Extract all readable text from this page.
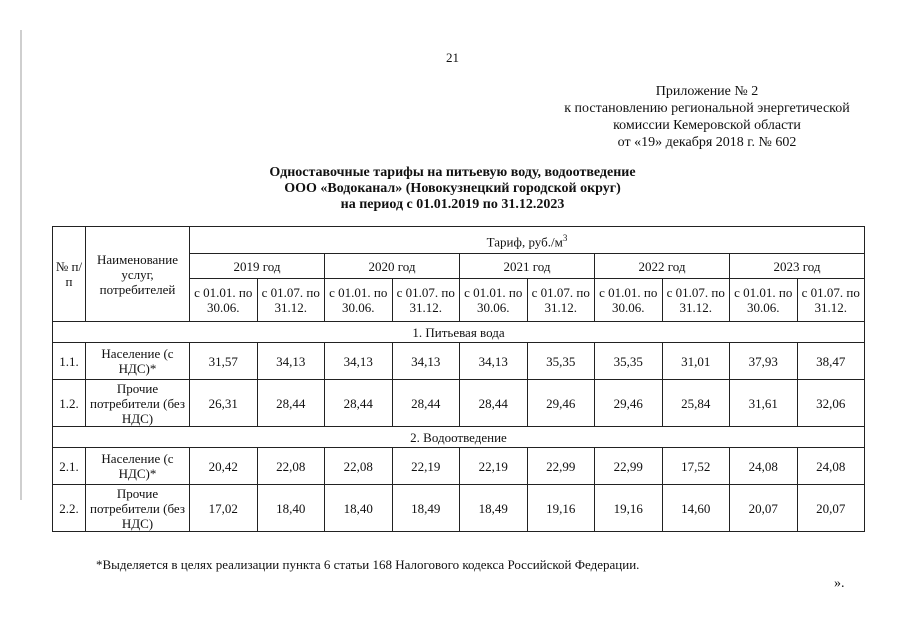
21
Приложение № 2
к постановлению региональной энергетической
комиссии Кемеровской области
от «19» декабря 2018 г. № 602
Одноставочные тарифы на питьевую воду, водоотведение
ООО «Водоканал» (Новокузнецкий городской округ)
на период с 01.01.2019 по 31.12.2023
№ п/п	Наименование услуг, потребителей	Тариф, $руб./м^3$
		2019 год		2020 год		2021 год		2022 год		2023 год	
		с 01.01. по 30.06.	с 01.07. по 31.12.	с 01.01. по 30.06.	с 01.07. по 31.12.	с 01.01. по 30.06.	с 01.07. по 31.12.	с 01.01. по 30.06.	с 01.07. по 31.12.	с 01.01. по 30.06.	с 01.07. по 31.12.
1. Питьевая вода											
1.1.	Население (с НДС)*	31,57	34,13	34,13	34,13	34,13	35,35	35,35	31,01	37,93	38,47
1.2.	Прочие потребители (без НДС)	26,31	28,44	28,44	28,44	28,44	29,46	29,46	25,84	31,61	32,06
2. Водоотведение											
2.1.	Население (с НДС)*	20,42	22,08	22,08	22,19	22,19	22,99	22,99	17,52	24,08	24,08
2.2.	Прочие потребители (без НДС)	17,02	18,40	18,40	18,49	18,49	19,16	19,16	14,60	20,07	20,07
*Выделяется в целях реализации пункта 6 статьи 168 Налогового кодекса Российской Федерации.
».
